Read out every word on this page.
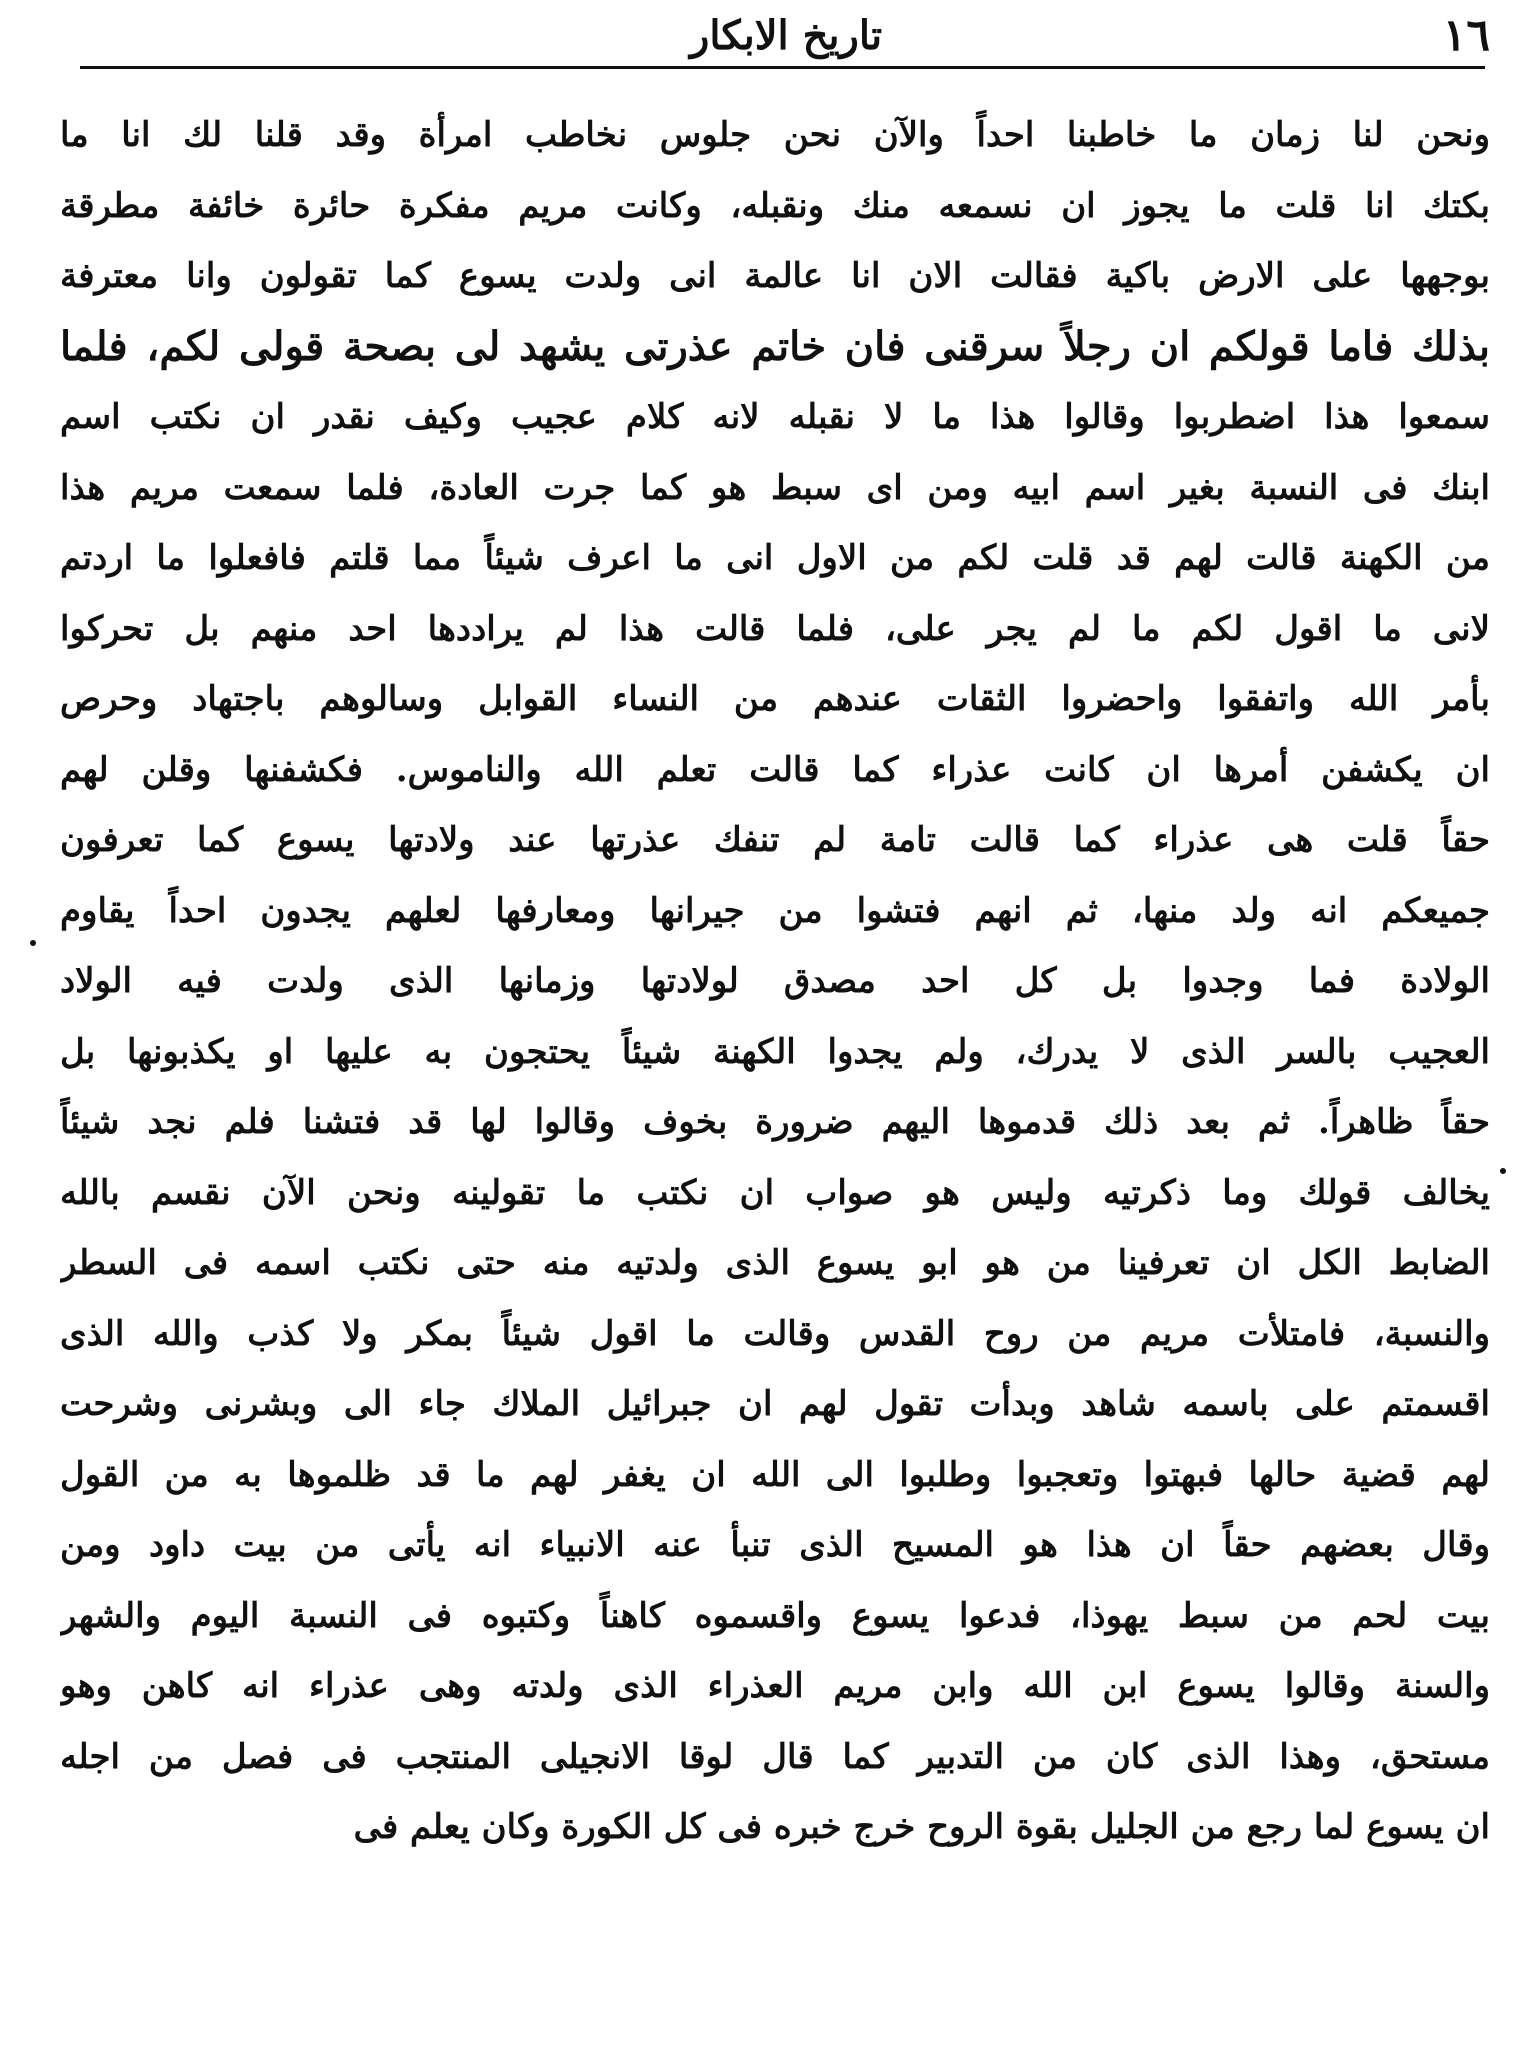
١٦
تاريخ الابكار
ونحن لنا زمان ما خاطبنا احداً والآن نحن جلوس نخاطب امرأة وقد قلنا لك انا ما
بكتك انا قلت ما يجوز ان نسمعه منك ونقبله، وكانت مريم مفكرة حائرة خائفة مطرقة
بوجهها على الارض باكية فقالت الان انا عالمة انى ولدت يسوع كما تقولون وانا معترفة
بذلك فاما قولكم ان رجلاً سرقنى فان خاتم عذرتى يشهد لى بصحة قولى لكم، فلما
سمعوا هذا اضطربوا وقالوا هذا ما لا نقبله لانه كلام عجيب وكيف نقدر ان نكتب اسم
ابنك فى النسبة بغير اسم ابيه ومن اى سبط هو كما جرت العادة، فلما سمعت مريم هذا
من الكهنة قالت لهم قد قلت لكم من الاول انى ما اعرف شيئاً مما قلتم فافعلوا ما اردتم
لانى ما اقول لكم ما لم يجر على، فلما قالت هذا لم يراددها احد منهم بل تحركوا
بأمر الله واتفقوا واحضروا الثقات عندهم من النساء القوابل وسالوهم باجتهاد وحرص
ان يكشفن أمرها ان كانت عذراء كما قالت تعلم الله والناموس. فكشفنها وقلن لهم
حقاً قلت هى عذراء كما قالت تامة لم تنفك عذرتها عند ولادتها يسوع كما تعرفون
جميعكم انه ولد منها، ثم انهم فتشوا من جيرانها ومعارفها لعلهم يجدون احداً يقاوم
الولادة فما وجدوا بل كل احد مصدق لولادتها وزمانها الذى ولدت فيه الولاد
العجيب بالسر الذى لا يدرك، ولم يجدوا الكهنة شيئاً يحتجون به عليها او يكذبونها بل
حقاً ظاهراً. ثم بعد ذلك قدموها اليهم ضرورة بخوف وقالوا لها قد فتشنا فلم نجد شيئاً
يخالف قولك وما ذكرتيه وليس هو صواب ان نكتب ما تقولينه ونحن الآن نقسم بالله
الضابط الكل ان تعرفينا من هو ابو يسوع الذى ولدتيه منه حتى نكتب اسمه فى السطر
والنسبة، فامتلأت مريم من روح القدس وقالت ما اقول شيئاً بمكر ولا كذب والله الذى
اقسمتم على باسمه شاهد وبدأت تقول لهم ان جبرائيل الملاك جاء الى وبشرنى وشرحت
لهم قضية حالها فبهتوا وتعجبوا وطلبوا الى الله ان يغفر لهم ما قد ظلموها به من القول
وقال بعضهم حقاً ان هذا هو المسيح الذى تنبأ عنه الانبياء انه يأتى من بيت داود ومن
بيت لحم من سبط يهوذا، فدعوا يسوع واقسموه كاهناً وكتبوه فى النسبة اليوم والشهر
والسنة وقالوا يسوع ابن الله وابن مريم العذراء الذى ولدته وهى عذراء انه كاهن وهو
مستحق، وهذا الذى كان من التدبير كما قال لوقا الانجيلى المنتجب فى فصل من اجله
ان يسوع لما رجع من الجليل بقوة الروح خرج خبره فى كل الكورة وكان يعلم فى
